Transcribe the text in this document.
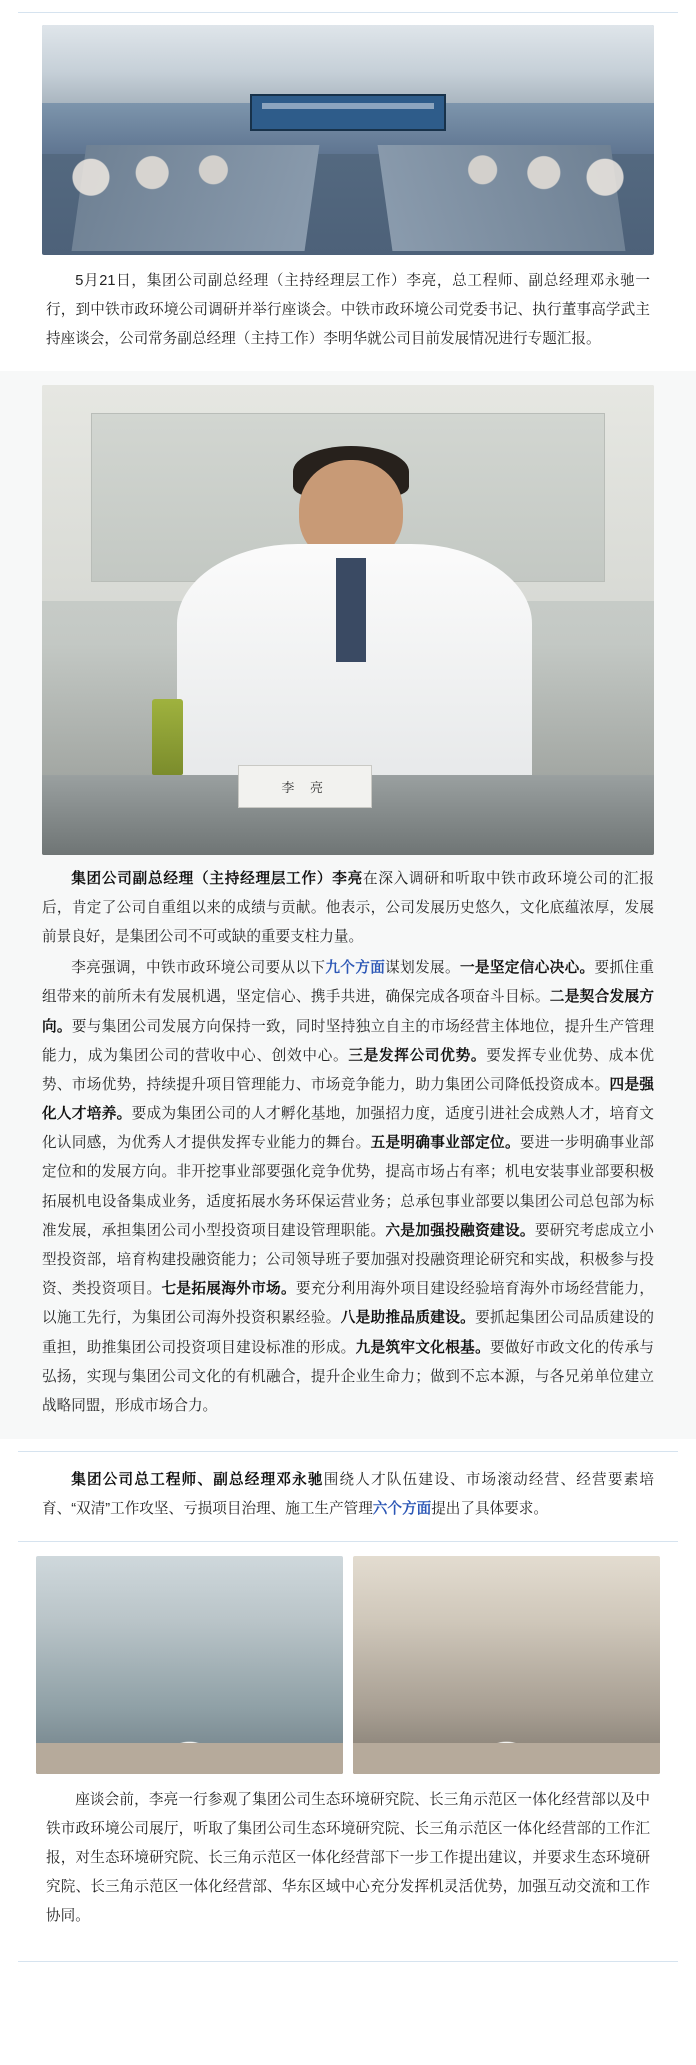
5月21日，集团公司副总经理（主持经理层工作）李亮，总工程师、副总经理邓永驰一行，到中铁市政环境公司调研并举行座谈会。中铁市政环境公司党委书记、执行董事高学武主持座谈会，公司常务副总经理（主持工作）李明华就公司目前发展情况进行专题汇报。

李 亮

集团公司副总经理（主持经理层工作）李亮在深入调研和听取中铁市政环境公司的汇报后，肯定了公司自重组以来的成绩与贡献。他表示，公司发展历史悠久，文化底蕴浓厚，发展前景良好，是集团公司不可或缺的重要支柱力量。

李亮强调，中铁市政环境公司要从以下九个方面谋划发展。一是坚定信心决心。要抓住重组带来的前所未有发展机遇，坚定信心、携手共进，确保完成各项奋斗目标。二是契合发展方向。要与集团公司发展方向保持一致，同时坚持独立自主的市场经营主体地位，提升生产管理能力，成为集团公司的营收中心、创效中心。三是发挥公司优势。要发挥专业优势、成本优势、市场优势，持续提升项目管理能力、市场竞争能力，助力集团公司降低投资成本。四是强化人才培养。要成为集团公司的人才孵化基地，加强招力度，适度引进社会成熟人才，培育文化认同感，为优秀人才提供发挥专业能力的舞台。五是明确事业部定位。要进一步明确事业部定位和的发展方向。非开挖事业部要强化竞争优势，提高市场占有率；机电安装事业部要积极拓展机电设备集成业务，适度拓展水务环保运营业务；总承包事业部要以集团公司总包部为标准发展，承担集团公司小型投资项目建设管理职能。六是加强投融资建设。要研究考虑成立小型投资部，培育构建投融资能力；公司领导班子要加强对投融资理论研究和实战，积极参与投资、类投资项目。七是拓展海外市场。要充分利用海外项目建设经验培育海外市场经营能力，以施工先行，为集团公司海外投资积累经验。八是助推品质建设。要抓起集团公司品质建设的重担，助推集团公司投资项目建设标准的形成。九是筑牢文化根基。要做好市政文化的传承与弘扬，实现与集团公司文化的有机融合，提升企业生命力；做到不忘本源，与各兄弟单位建立战略同盟，形成市场合力。

集团公司总工程师、副总经理邓永驰围绕人才队伍建设、市场滚动经营、经营要素培育、“双清”工作攻坚、亏损项目治理、施工生产管理六个方面提出了具体要求。

座谈会前，李亮一行参观了集团公司生态环境研究院、长三角示范区一体化经营部以及中铁市政环境公司展厅，听取了集团公司生态环境研究院、长三角示范区一体化经营部的工作汇报，对生态环境研究院、长三角示范区一体化经营部下一步工作提出建议，并要求生态环境研究院、长三角示范区一体化经营部、华东区域中心充分发挥机灵活优势，加强互动交流和工作协同。
